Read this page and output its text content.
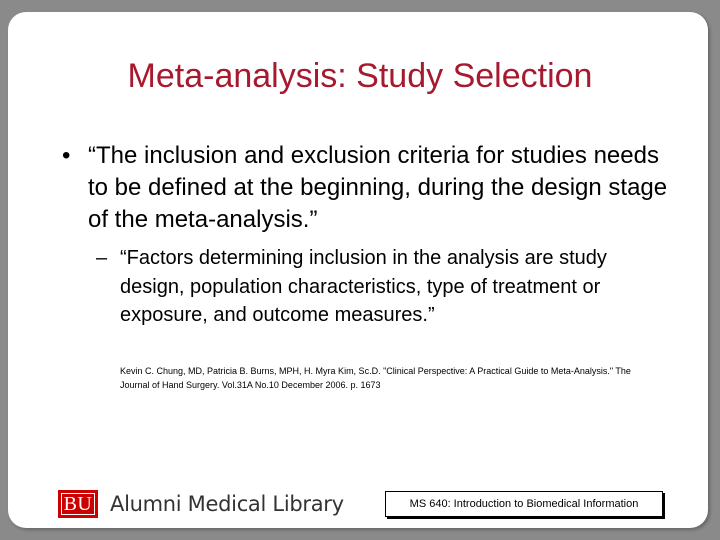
Meta-analysis: Study Selection
• “The inclusion and exclusion criteria for studies needs to be defined at the beginning, during the design stage of the meta-analysis.”
– “Factors determining inclusion in the analysis are study design, population characteristics, type of treatment or exposure, and outcome measures.”
Kevin C. Chung, MD, Patricia B. Burns, MPH, H. Myra Kim, Sc.D. "Clinical Perspective: A Practical Guide to Meta-Analysis." The Journal of Hand Surgery. Vol.31A No.10 December 2006. p. 1673
BU Alumni Medical Library	MS 640: Introduction to Biomedical Information
